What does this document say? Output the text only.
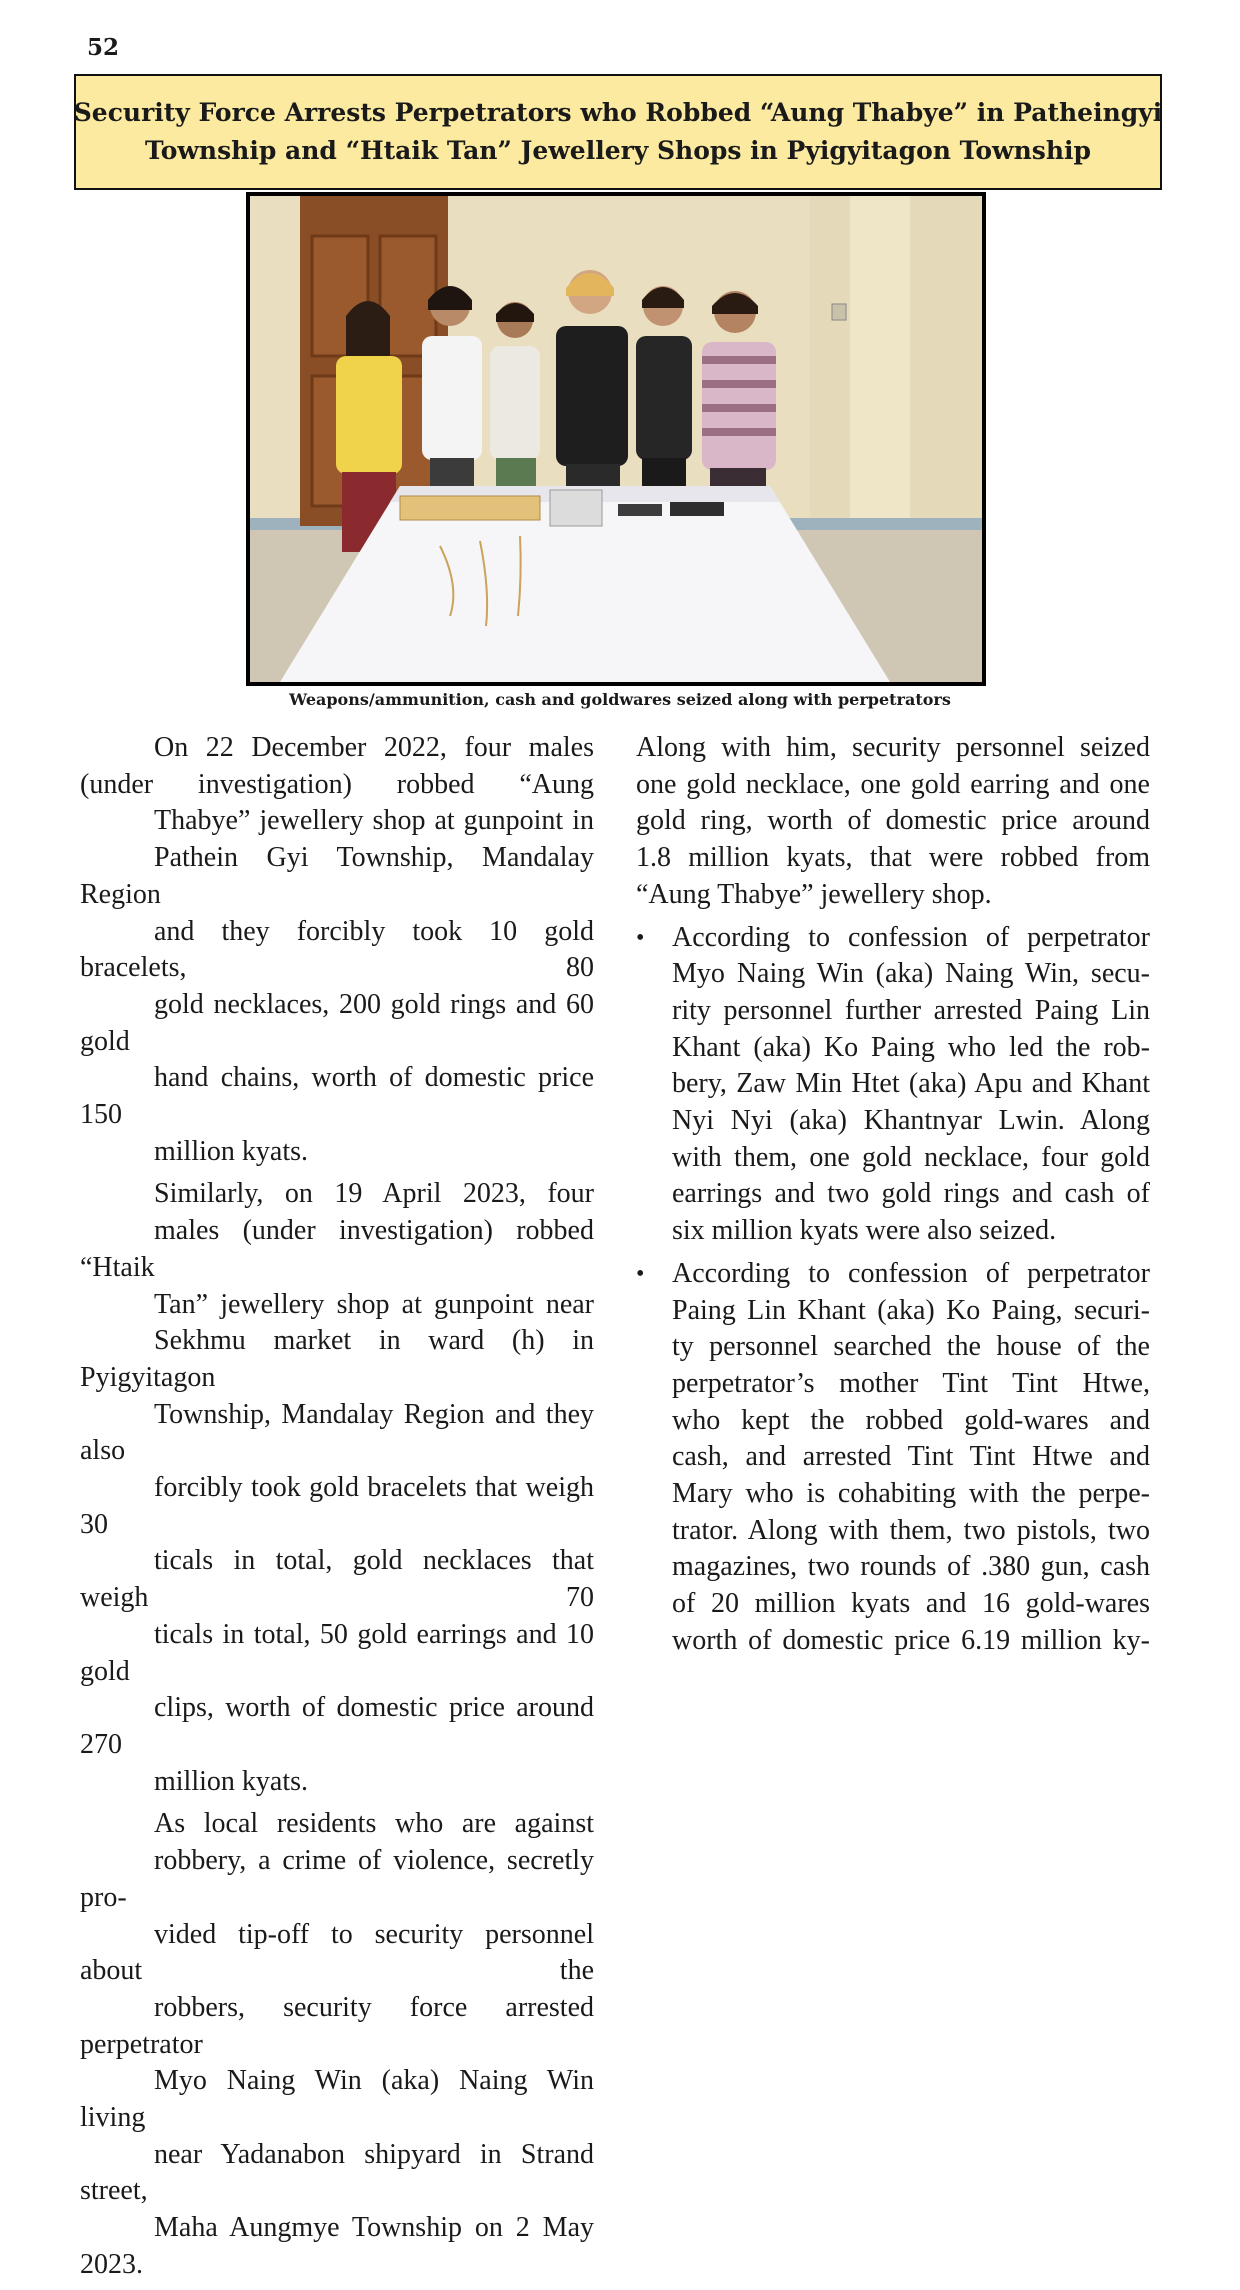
52
Security Force Arrests Perpetrators who Robbed “Aung Thabye” in Patheingyi
Township and “Htaik Tan” Jewellery Shops in Pyigyitagon Township
Weapons/ammunition, cash and goldwares seized along with perpetrators

On 22 December 2022, four males
(under investigation) robbed “Aung
Thabye” jewellery shop at gunpoint in
Pathein Gyi Township, Mandalay Region
and they forcibly took 10 gold bracelets, 80
gold necklaces, 200 gold rings and 60 gold
hand chains, worth of domestic price 150
million kyats.

Similarly, on 19 April 2023, four
males (under investigation) robbed “Htaik
Tan” jewellery shop at gunpoint near
Sekhmu market in ward (h) in Pyigyitagon
Township, Mandalay Region and they also
forcibly took gold bracelets that weigh 30
ticals in total, gold necklaces that weigh 70
ticals in total, 50 gold earrings and 10 gold
clips, worth of domestic price around 270
million kyats.

As local residents who are against
robbery, a crime of violence, secretly pro-
vided tip-off to security personnel about the
robbers, security force arrested perpetrator
Myo Naing Win (aka) Naing Win living
near Yadanabon shipyard in Strand street,
Maha Aungmye Township on 2 May 2023.

Along with him, security personnel seized
one gold necklace, one gold earring and one
gold ring, worth of domestic price around
1.8 million kyats, that were robbed from
“Aung Thabye” jewellery shop.

• According to confession of perpetrator
Myo Naing Win (aka) Naing Win, secu-
rity personnel further arrested Paing Lin
Khant (aka) Ko Paing who led the rob-
bery, Zaw Min Htet (aka) Apu and Khant
Nyi Nyi (aka) Khantnyar Lwin. Along
with them, one gold necklace, four gold
earrings and two gold rings and cash of
six million kyats were also seized.
• According to confession of perpetrator
Paing Lin Khant (aka) Ko Paing, securi-
ty personnel searched the house of the
perpetrator’s mother Tint Tint Htwe,
who kept the robbed gold-wares and
cash, and arrested Tint Tint Htwe and
Mary who is cohabiting with the perpe-
trator. Along with them, two pistols, two
magazines, two rounds of .380 gun, cash
of 20 million kyats and 16 gold-wares
worth of domestic price 6.19 million ky-
